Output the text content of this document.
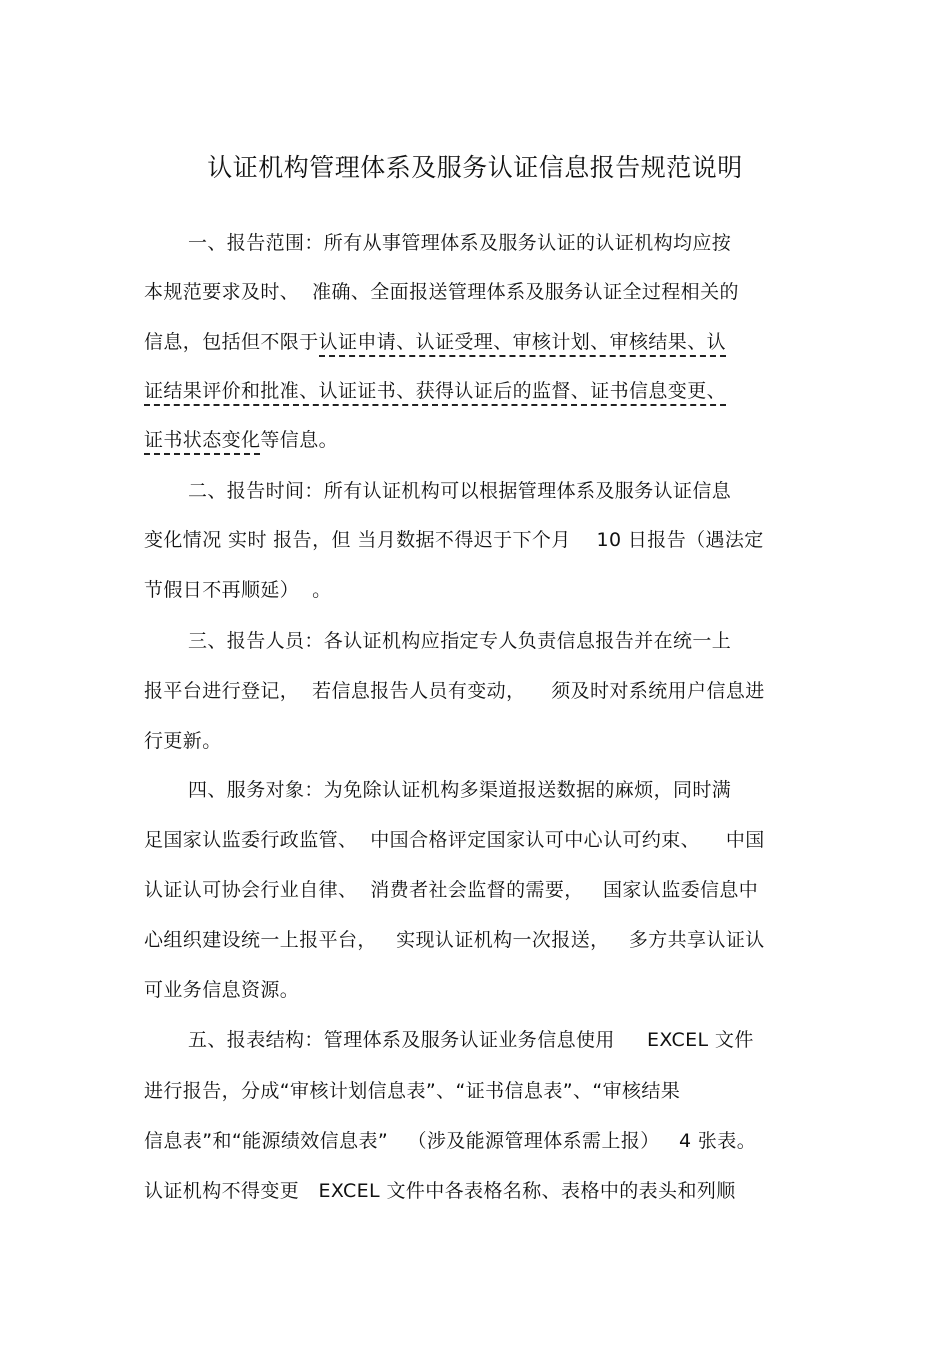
认证机构管理体系及服务认证信息报告规范说明
一、报告范围：所有从事管理体系及服务认证的认证机构均应按
本规范要求及时、  准确、全面报送管理体系及服务认证全过程相关的
信息，包括但不限于认证申请、认证受理、审核计划、审核结果、认
证结果评价和批准、认证证书、获得认证后的监督、证书信息变更、
证书状态变化等信息。
二、报告时间：所有认证机构可以根据管理体系及服务认证信息
变化情况 实时 报告，但 当月数据不得迟于下个月    10 日报告（遇法定
节假日不再顺延）  。
三、报告人员：各认证机构应指定专人负责信息报告并在统一上
报平台进行登记，  若信息报告人员有变动，    须及时对系统用户信息进
行更新。
四、服务对象：为免除认证机构多渠道报送数据的麻烦，同时满
足国家认监委行政监管、  中国合格评定国家认可中心认可约束、    中国
认证认可协会行业自律、  消费者社会监督的需要，   国家认监委信息中
心组织建设统一上报平台，   实现认证机构一次报送，   多方共享认证认
可业务信息资源。
五、报表结构：管理体系及服务认证业务信息使用     EXCEL 文件
进行报告，分成“审核计划信息表”、“证书信息表”、“审核结果
信息表”和“能源绩效信息表”   （涉及能源管理体系需上报）   4 张表。
认证机构不得变更   EXCEL 文件中各表格名称、表格中的表头和列顺
